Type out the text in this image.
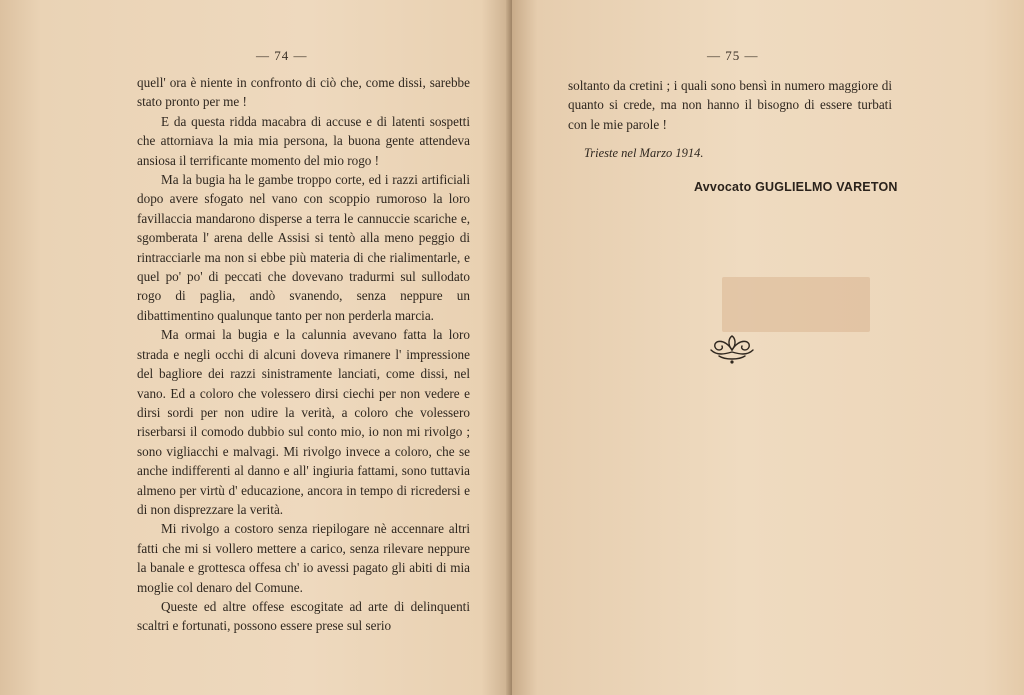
— 74 —

quell' ora è niente in confronto di ciò che, come dissi, sarebbe stato pronto per me !

E da questa ridda macabra di accuse e di latenti sospetti che attorniava la mia mia persona, la buona gente attendeva ansiosa il terrificante momento del mio rogo !

Ma la bugia ha le gambe troppo corte, ed i razzi artificiali dopo avere sfogato nel vano con scoppio rumoroso la loro favillaccia mandarono disperse a terra le cannuccie scariche e, sgomberata l' arena delle Assisi si tentò alla meno peggio di rintracciarle ma non si ebbe più materia di che rialimentarle, e quel po' po' di peccati che dovevano tradurmi sul sullodato rogo di paglia, andò svanendo, senza neppure un dibattimentino qualunque tanto per non perderla marcia.

Ma ormai la bugia e la calunnia avevano fatta la loro strada e negli occhi di alcuni doveva rimanere l' impressione del bagliore dei razzi sinistramente lanciati, come dissi, nel vano. Ed a coloro che volessero dirsi ciechi per non vedere e dirsi sordi per non udire la verità, a coloro che volessero riserbarsi il comodo dubbio sul conto mio, io non mi rivolgo ; sono vigliacchi e malvagi. Mi rivolgo invece a coloro, che se anche indifferenti al danno e all' ingiuria fattami, sono tuttavia almeno per virtù d' educazione, ancora in tempo di ricredersi e di non disprezzare la verità.

Mi rivolgo a costoro senza riepilogare nè accennare altri fatti che mi si vollero mettere a carico, senza rilevare neppure la banale e grottesca offesa ch' io avessi pagato gli abiti di mia moglie col denaro del Comune.

Queste ed altre offese escogitate ad arte di delinquenti scaltri e fortunati, possono essere prese sul serio

— 75 —

soltanto da cretini ; i quali sono bensì in numero maggiore di quanto si crede, ma non hanno il bisogno di essere turbati con le mie parole !

Trieste nel Marzo 1914.
Avvocato GUGLIELMO VARETON
